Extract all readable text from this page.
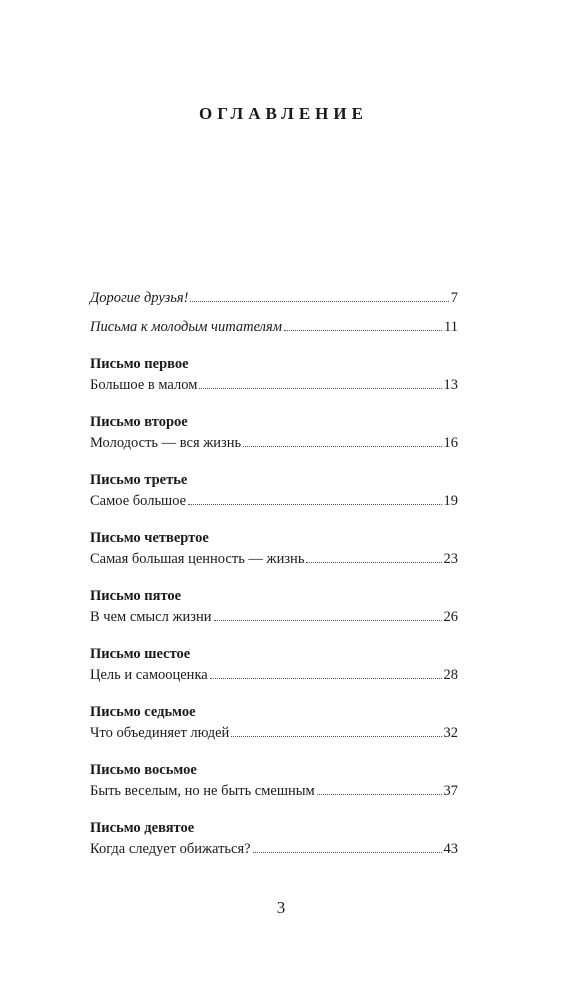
ОГЛАВЛЕНИЕ
Дорогие друзья!	7
Письма к молодым читателям	11
Письмо первое
Большое в малом	13
Письмо второе
Молодость — вся жизнь	16
Письмо третье
Самое большое	19
Письмо четвертое
Самая большая ценность — жизнь	23
Письмо пятое
В чем смысл жизни	26
Письмо шестое
Цель и самооценка	28
Письмо седьмое
Что объединяет людей	32
Письмо восьмое
Быть веселым, но не быть смешным	37
Письмо девятое
Когда следует обижаться?	43
3
